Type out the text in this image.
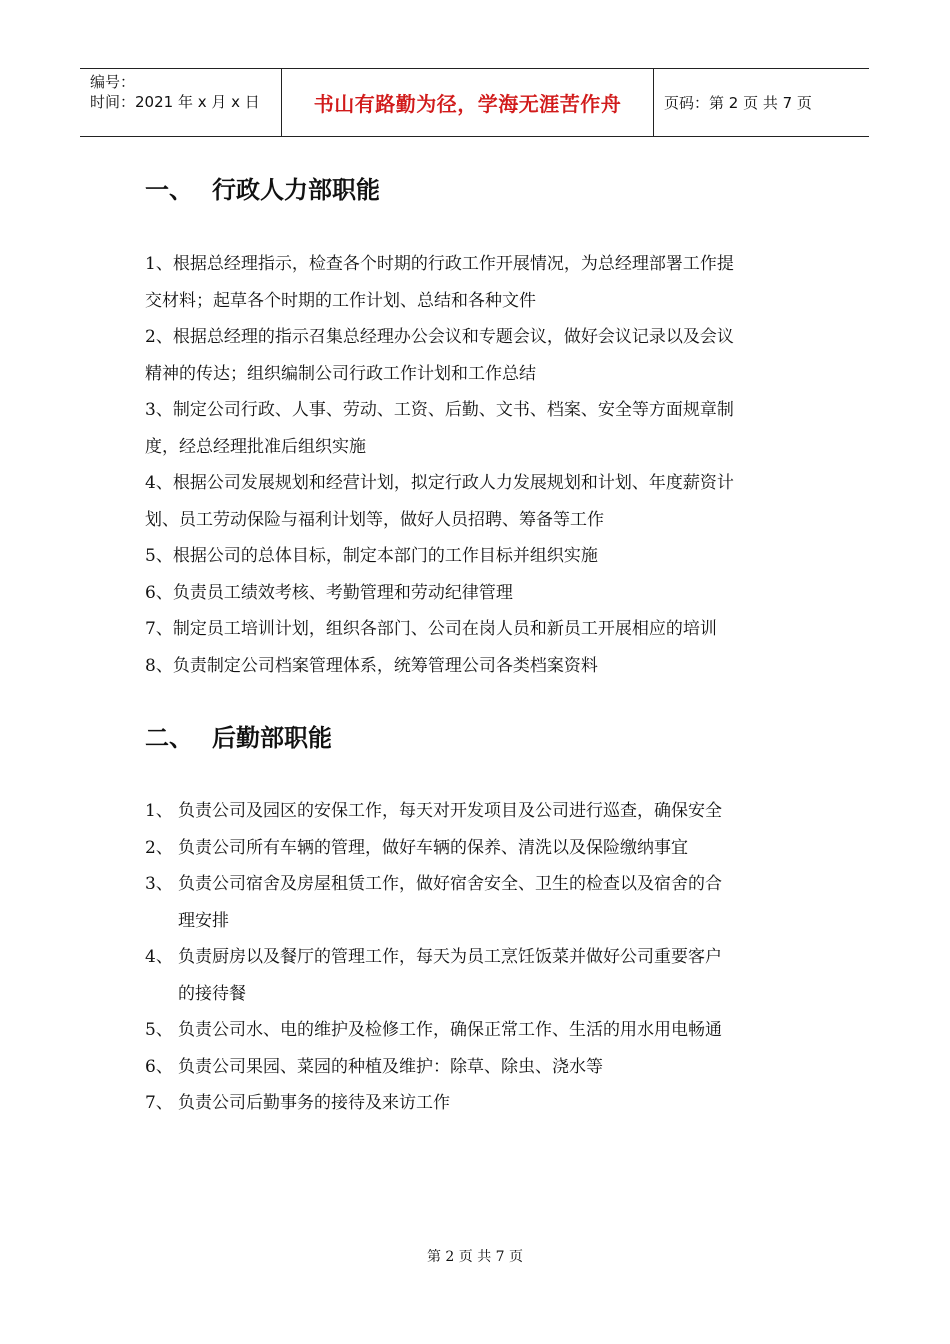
编号：
时间：2021 年 x 月 x 日	书山有路勤为径，学海无涯苦作舟	页码：第 2 页 共 7 页
一、 行政人力部职能

1、根据总经理指示，检查各个时期的行政工作开展情况，为总经理部署工作提

交材料；起草各个时期的工作计划、总结和各种文件

2、根据总经理的指示召集总经理办公会议和专题会议，做好会议记录以及会议

精神的传达；组织编制公司行政工作计划和工作总结

3、制定公司行政、人事、劳动、工资、后勤、文书、档案、安全等方面规章制

度，经总经理批准后组织实施

4、根据公司发展规划和经营计划，拟定行政人力发展规划和计划、年度薪资计

划、员工劳动保险与福利计划等，做好人员招聘、筹备等工作

5、根据公司的总体目标，制定本部门的工作目标并组织实施

6、负责员工绩效考核、考勤管理和劳动纪律管理

7、制定员工培训计划，组织各部门、公司在岗人员和新员工开展相应的培训

8、负责制定公司档案管理体系，统筹管理公司各类档案资料

二、 后勤部职能
1、 负责公司及园区的安保工作，每天对开发项目及公司进行巡查，确保安全
2、 负责公司所有车辆的管理，做好车辆的保养、清洗以及保险缴纳事宜
3、 负责公司宿舍及房屋租赁工作，做好宿舍安全、卫生的检查以及宿舍的合
理安排
4、 负责厨房以及餐厅的管理工作，每天为员工烹饪饭菜并做好公司重要客户
的接待餐
5、 负责公司水、电的维护及检修工作，确保正常工作、生活的用水用电畅通
6、 负责公司果园、菜园的种植及维护：除草、除虫、浇水等
7、 负责公司后勤事务的接待及来访工作
第 2 页 共 7 页
